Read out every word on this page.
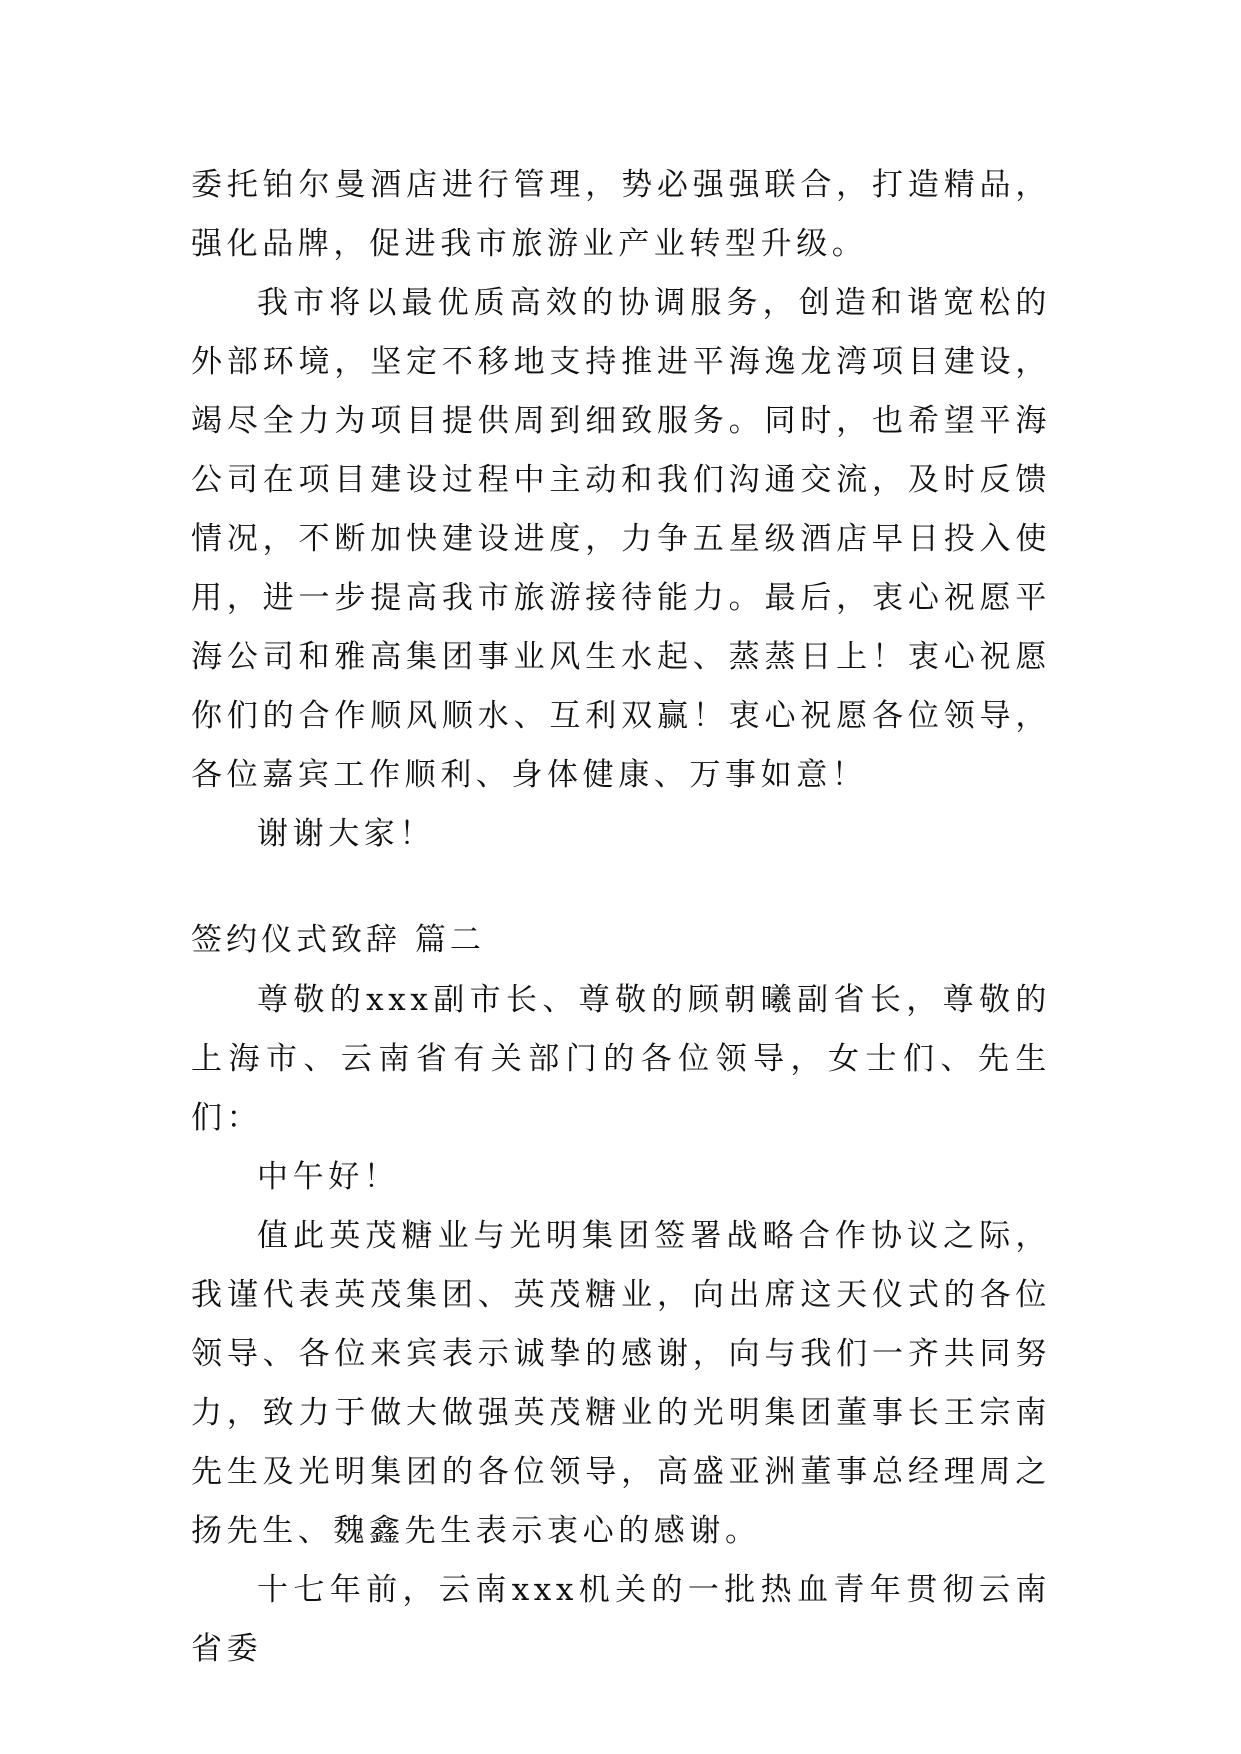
委托铂尔曼酒店进行管理，势必强强联合，打造精品，强化品牌，促进我市旅游业产业转型升级。

我市将以最优质高效的协调服务，创造和谐宽松的外部环境，坚定不移地支持推进平海逸龙湾项目建设，竭尽全力为项目提供周到细致服务。同时，也希望平海公司在项目建设过程中主动和我们沟通交流，及时反馈情况，不断加快建设进度，力争五星级酒店早日投入使用，进一步提高我市旅游接待能力。最后，衷心祝愿平海公司和雅高集团事业风生水起、蒸蒸日上！衷心祝愿你们的合作顺风顺水、互利双赢！衷心祝愿各位领导，各位嘉宾工作顺利、身体健康、万事如意！

谢谢大家！

签约仪式致辞 篇二

尊敬的xxx副市长、尊敬的顾朝曦副省长，尊敬的上海市、云南省有关部门的各位领导，女士们、先生们：

中午好！

值此英茂糖业与光明集团签署战略合作协议之际，我谨代表英茂集团、英茂糖业，向出席这天仪式的各位领导、各位来宾表示诚挚的感谢，向与我们一齐共同努力，致力于做大做强英茂糖业的光明集团董事长王宗南先生及光明集团的各位领导，高盛亚洲董事总经理周之扬先生、魏鑫先生表示衷心的感谢。

十七年前，云南xxx机关的一批热血青年贯彻云南省委
